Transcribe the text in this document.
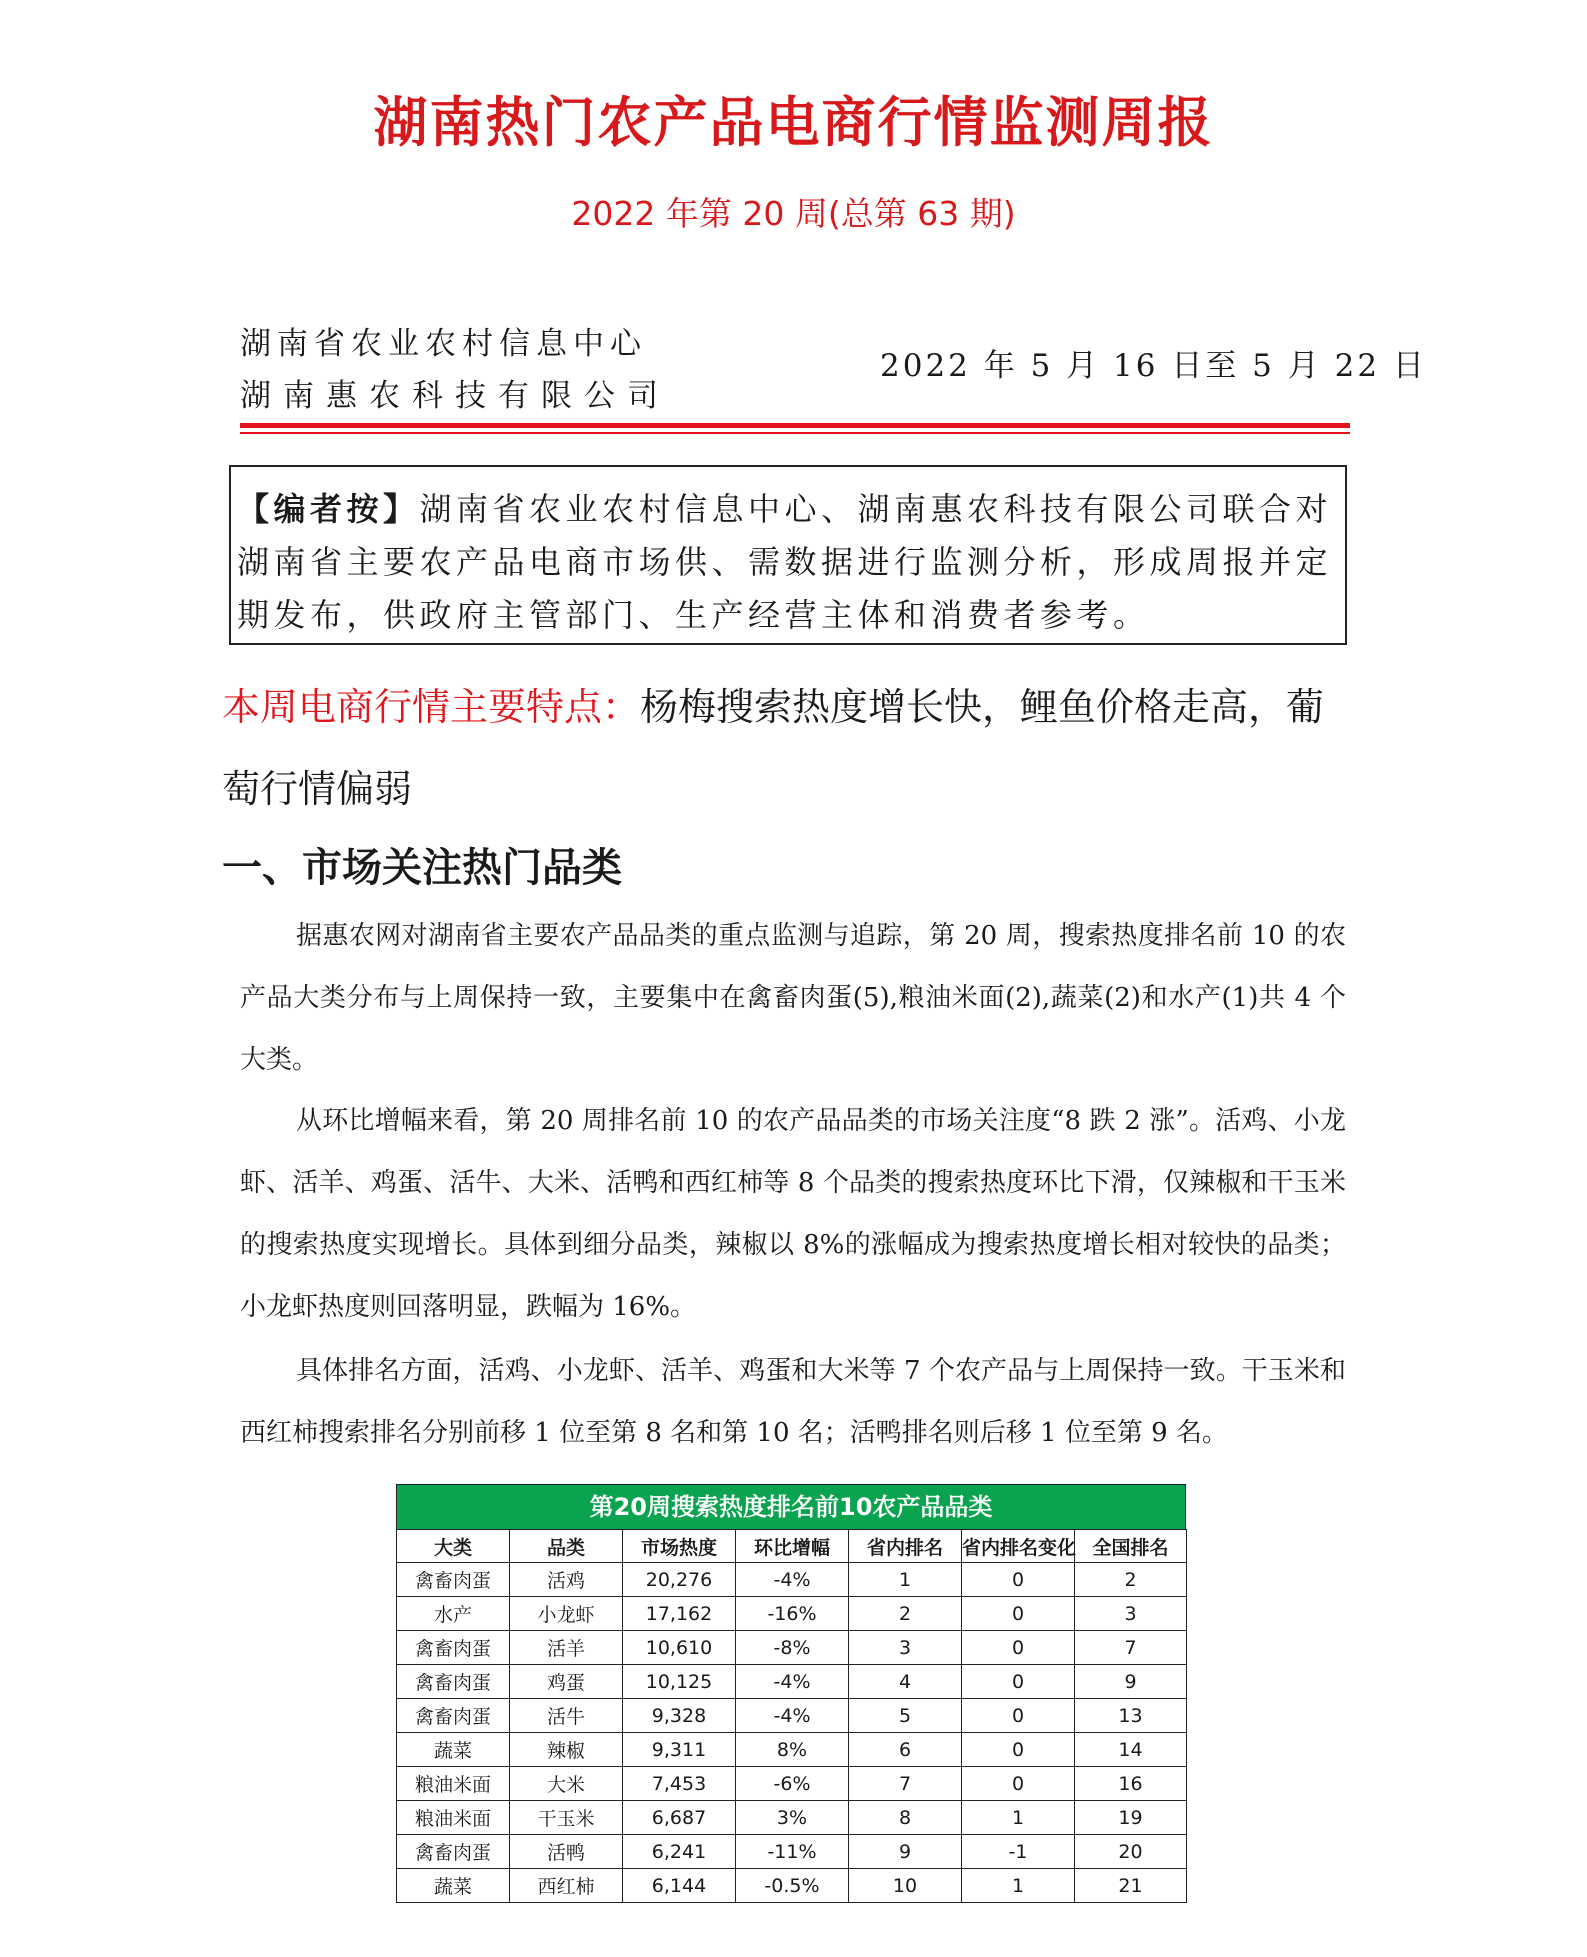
湖南热门农产品电商行情监测周报
2022 年第 20 周(总第 63 期)
湖南省农业农村信息中心
湖南惠农科技有限公司
2022 年 5 月 16 日至 5 月 22 日
【编者按】湖南省农业农村信息中心、湖南惠农科技有限公司联合对湖南省主要农产品电商市场供、需数据进行监测分析，形成周报并定期发布，供政府主管部门、生产经营主体和消费者参考。
本周电商行情主要特点：杨梅搜索热度增长快，鲤鱼价格走高，葡萄行情偏弱
一、市场关注热门品类
据惠农网对湖南省主要农产品品类的重点监测与追踪，第 20 周，搜索热度排名前 10 的农产品大类分布与上周保持一致，主要集中在禽畜肉蛋(5),粮油米面(2),蔬菜(2)和水产(1)共 4 个大类。
从环比增幅来看，第 20 周排名前 10 的农产品品类的市场关注度“8 跌 2 涨”。活鸡、小龙虾、活羊、鸡蛋、活牛、大米、活鸭和西红柿等 8 个品类的搜索热度环比下滑，仅辣椒和干玉米的搜索热度实现增长。具体到细分品类，辣椒以 8%的涨幅成为搜索热度增长相对较快的品类；小龙虾热度则回落明显，跌幅为 16%。
具体排名方面，活鸡、小龙虾、活羊、鸡蛋和大米等 7 个农产品与上周保持一致。干玉米和西红柿搜索排名分别前移 1 位至第 8 名和第 10 名；活鸭排名则后移 1 位至第 9 名。
第20周搜索热度排名前10农产品品类
大类	品类	市场热度	环比增幅	省内排名	省内排名变化	全国排名
禽畜肉蛋	活鸡	20,276	-4%	1	0	2
水产	小龙虾	17,162	-16%	2	0	3
禽畜肉蛋	活羊	10,610	-8%	3	0	7
禽畜肉蛋	鸡蛋	10,125	-4%	4	0	9
禽畜肉蛋	活牛	9,328	-4%	5	0	13
蔬菜	辣椒	9,311	8%	6	0	14
粮油米面	大米	7,453	-6%	7	0	16
粮油米面	干玉米	6,687	3%	8	1	19
禽畜肉蛋	活鸭	6,241	-11%	9	-1	20
蔬菜	西红柿	6,144	-0.5%	10	1	21
